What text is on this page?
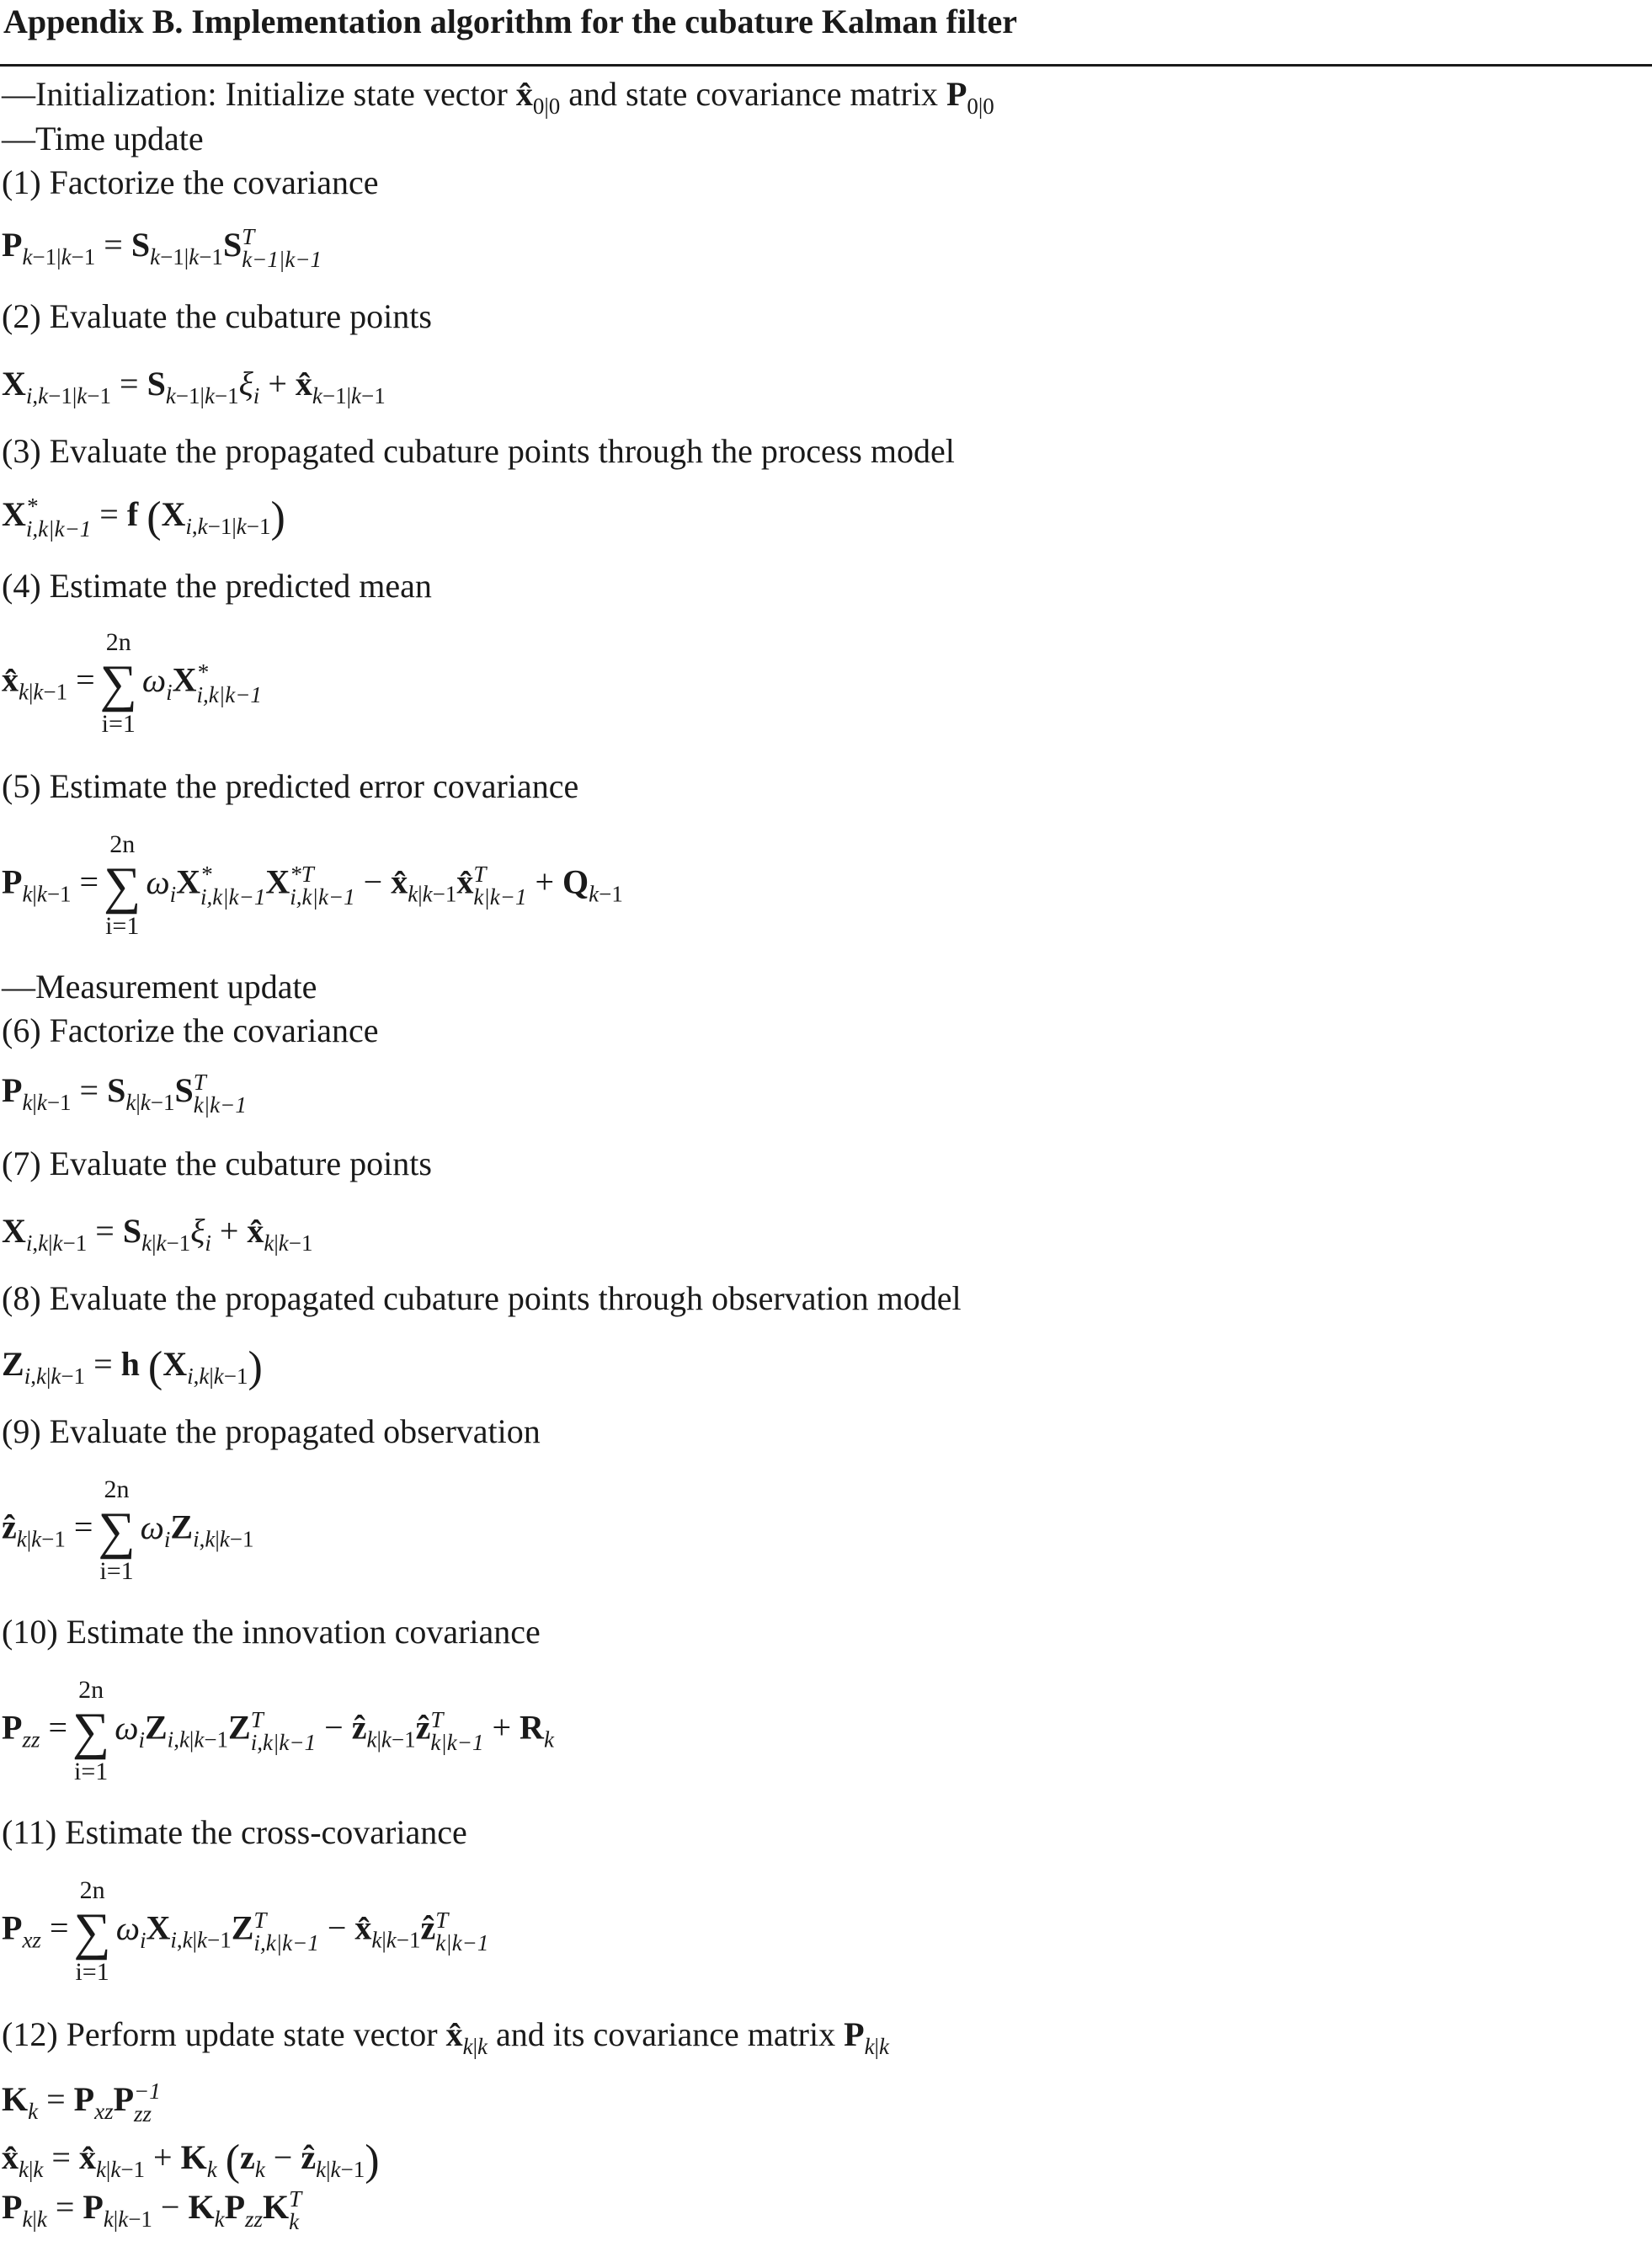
Appendix B. Implementation algorithm for the cubature Kalman filter
—Initialization: Initialize state vector $x̂_{0|0}$ and state covariance matrix $P_{0|0}$
—Time update
(1) Factorize the covariance
$P_{k-1|k-1} = S_{k-1|k-1}S$ T
k−1|k−1
(2) Evaluate the cubature points
$X_{i,k-1|k-1} = S_{k-1|k-1}\xi_i$ + $x̂_{k-1|k-1}$
(3) Evaluate the propagated cubature points through the process model
X *
i,k|k−1 = f $(X_{i,k-1|k-1})$
(4) Estimate the predicted mean
$x̂_{k|k-1}$ =
2n
∑
i=1
$\omega_iX$ *
i,k|k−1
(5) Estimate the predicted error covariance
$P_{k|k-1}$ =
2n
∑
i=1
$\omega_iX$ *
i,k|k−1 X *T
$i,k|k-1 - x̂_{k|k-1}x̂$ T
$k|k-1 + Q_{k-1}$
—Measurement update
(6) Factorize the covariance
$P_{k|k-1} = S_{k|k-1}S$ T
k|k−1
(7) Evaluate the cubature points
$X_{i,k|k-1} = S_{k|k-1}\xi_i$ + $x̂_{k|k-1}$
(8) Evaluate the propagated cubature points through observation model
$Z_{i,k|k-1} = h$ $(X_{i,k|k-1})$
(9) Evaluate the propagated observation
ẑ$_{k|k-1}$ =
2n
∑
i=1
$\omega_iZ_{i,k|k-1}$
(10) Estimate the innovation covariance
$P_{zz}$ =
2n
∑
i=1
$\omega_iZ_{i,k|k-1}Z$ T
i,k|k−1 − ẑ$_{k|k-1}$ẑ T
$k|k-1 + R_k$
(11) Estimate the cross-covariance
$P_{xz}$ =
2n
∑
i=1
$\omega_iX_{i,k|k-1}Z$ T
$i,k|k-1 - x̂_{k|k-1}ẑ$ T
k|k−1
(12) Perform update state vector $x̂_{k|k}$ and its covariance matrix $P_{k|k}$
$K_k = P_{xz}P -1$
zz
$x̂_{k|k}$ = $x̂_{k|k-1} + K_k$ ($z_k$ − ẑ$_{k|k-1}$)
$P_{k|k} = P_{k|k-1} - K_kP_{zz}K$ T
k
